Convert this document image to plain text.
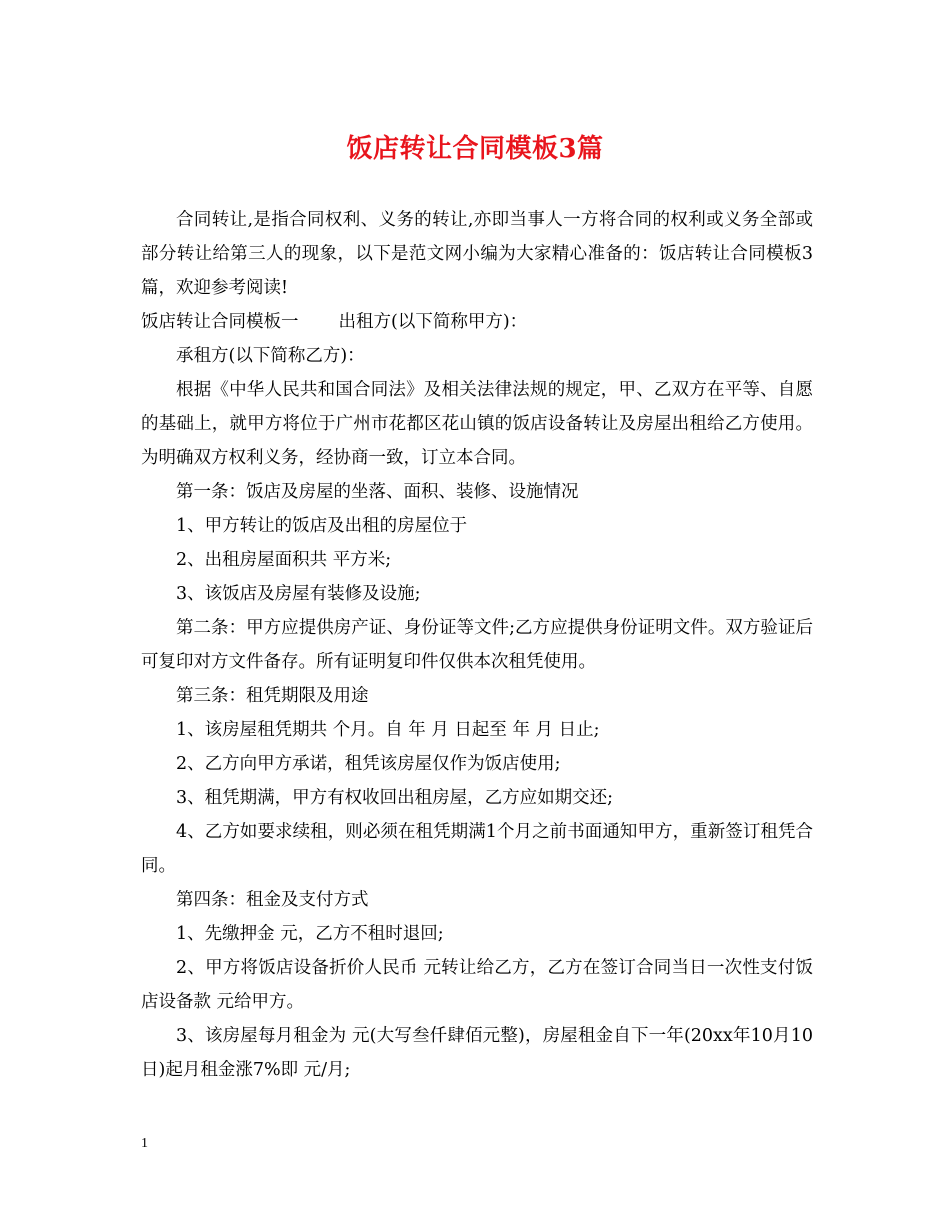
饭店转让合同模板3篇

合同转让,是指合同权利、义务的转让,亦即当事人一方将合同的权利或义务全部或部分转让给第三人的现象，以下是范文网小编为大家精心准备的：饭店转让合同模板3篇，欢迎参考阅读!

饭店转让合同模板一 出租方(以下简称甲方)：

承租方(以下简称乙方)：

根据《中华人民共和国合同法》及相关法律法规的规定，甲、乙双方在平等、自愿的基础上，就甲方将位于广州市花都区花山镇的饭店设备转让及房屋出租给乙方使用。为明确双方权利义务，经协商一致，订立本合同。

第一条：饭店及房屋的坐落、面积、装修、设施情况

1、甲方转让的饭店及出租的房屋位于

2、出租房屋面积共 平方米;

3、该饭店及房屋有装修及设施;

第二条：甲方应提供房产证、身份证等文件;乙方应提供身份证明文件。双方验证后可复印对方文件备存。所有证明复印件仅供本次租凭使用。

第三条：租凭期限及用途

1、该房屋租凭期共 个月。自 年 月 日起至 年 月 日止;

2、乙方向甲方承诺，租凭该房屋仅作为饭店使用;

3、租凭期满，甲方有权收回出租房屋，乙方应如期交还;

4、乙方如要求续租，则必须在租凭期满1个月之前书面通知甲方，重新签订租凭合同。

第四条：租金及支付方式

1、先缴押金 元，乙方不租时退回;

2、甲方将饭店设备折价人民币 元转让给乙方，乙方在签订合同当日一次性支付饭店设备款 元给甲方。

3、该房屋每月租金为 元(大写叁仟肆佰元整)，房屋租金自下一年(20xx年10月10日)起月租金涨7%即 元/月;

1
